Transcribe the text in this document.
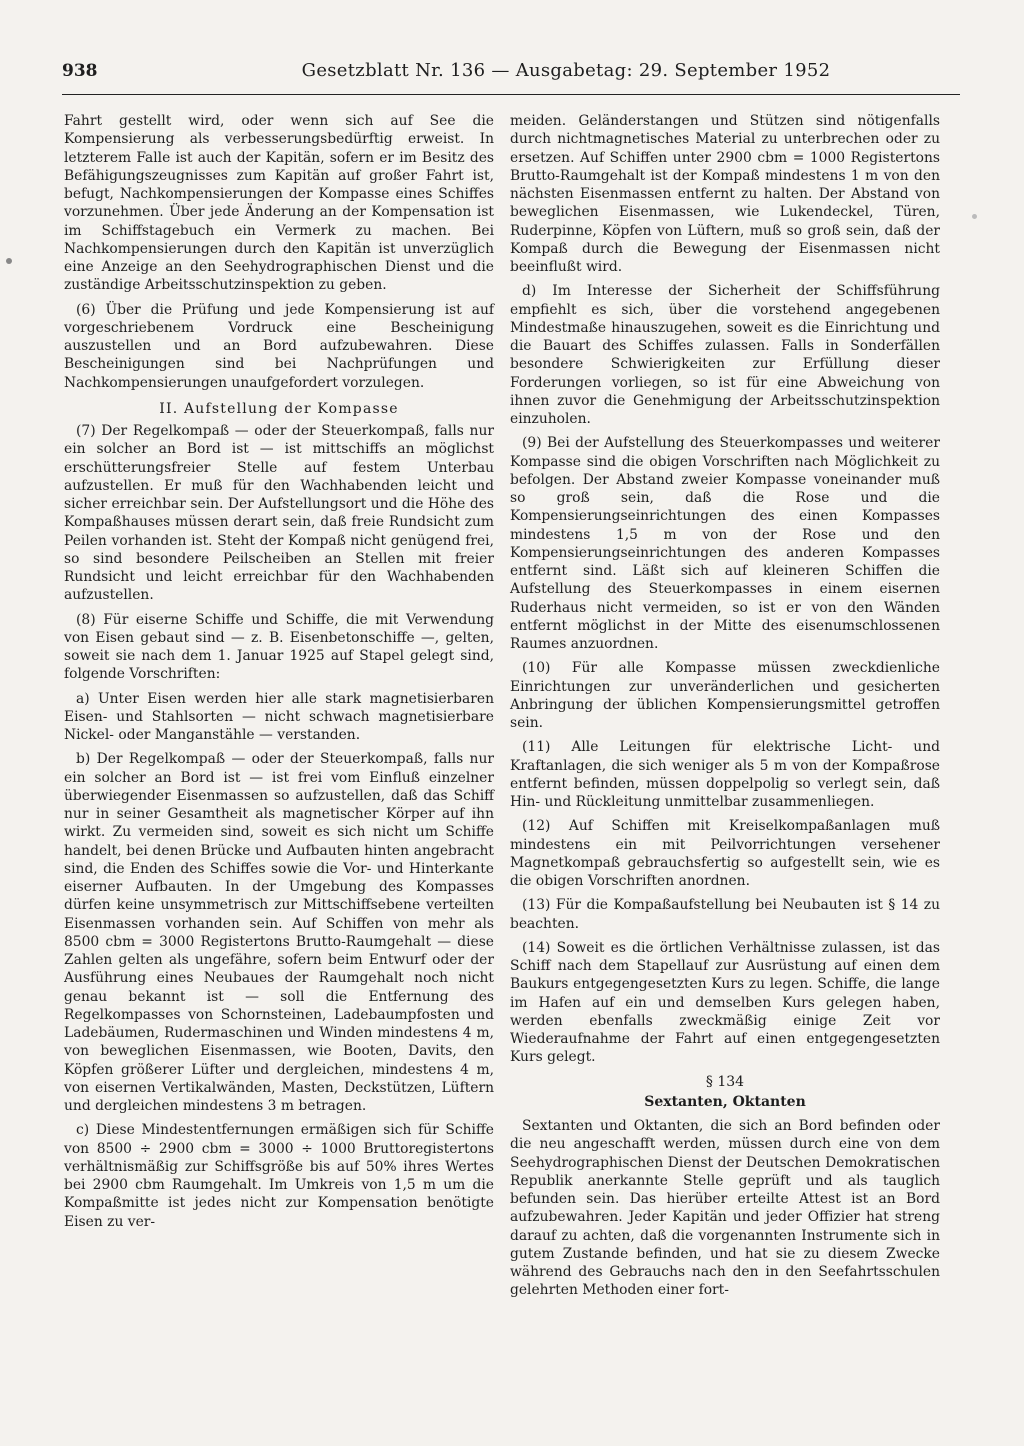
938	Gesetzblatt Nr. 136 — Ausgabetag: 29. September 1952

Fahrt gestellt wird, oder wenn sich auf See die Kompensierung als verbesserungsbedürftig erweist. In letzterem Falle ist auch der Kapitän, sofern er im Besitz des Befähigungszeugnisses zum Kapitän auf großer Fahrt ist, befugt, Nachkompensierungen der Kompasse eines Schiffes vorzunehmen. Über jede Änderung an der Kompensation ist im Schiffstagebuch ein Vermerk zu machen. Bei Nachkompensierungen durch den Kapitän ist unverzüglich eine Anzeige an den Seehydrographischen Dienst und die zuständige Arbeitsschutzinspektion zu geben.

(6) Über die Prüfung und jede Kompensierung ist auf vorgeschriebenem Vordruck eine Bescheinigung auszustellen und an Bord aufzubewahren. Diese Bescheinigungen sind bei Nachprüfungen und Nachkompensierungen unaufgefordert vorzulegen.

II. Aufstellung der Kompasse

(7) Der Regelkompaß — oder der Steuerkompaß, falls nur ein solcher an Bord ist — ist mittschiffs an möglichst erschütterungsfreier Stelle auf festem Unterbau aufzustellen. Er muß für den Wachhabenden leicht und sicher erreichbar sein. Der Aufstellungsort und die Höhe des Kompaßhauses müssen derart sein, daß freie Rundsicht zum Peilen vorhanden ist. Steht der Kompaß nicht genügend frei, so sind besondere Peilscheiben an Stellen mit freier Rundsicht und leicht erreichbar für den Wachhabenden aufzustellen.

(8) Für eiserne Schiffe und Schiffe, die mit Verwendung von Eisen gebaut sind — z. B. Eisenbetonschiffe —, gelten, soweit sie nach dem 1. Januar 1925 auf Stapel gelegt sind, folgende Vorschriften:

a) Unter Eisen werden hier alle stark magnetisierbaren Eisen- und Stahlsorten — nicht schwach magnetisierbare Nickel- oder Manganstähle — verstanden.

b) Der Regelkompaß — oder der Steuerkompaß, falls nur ein solcher an Bord ist — ist frei vom Einfluß einzelner überwiegender Eisenmassen so aufzustellen, daß das Schiff nur in seiner Gesamtheit als magnetischer Körper auf ihn wirkt. Zu vermeiden sind, soweit es sich nicht um Schiffe handelt, bei denen Brücke und Aufbauten hinten angebracht sind, die Enden des Schiffes sowie die Vor- und Hinterkante eiserner Aufbauten. In der Umgebung des Kompasses dürfen keine unsymmetrisch zur Mittschiffsebene verteilten Eisenmassen vorhanden sein. Auf Schiffen von mehr als 8500 cbm = 3000 Registertons Brutto-Raumgehalt — diese Zahlen gelten als ungefähre, sofern beim Entwurf oder der Ausführung eines Neubaues der Raumgehalt noch nicht genau bekannt ist — soll die Entfernung des Regelkompasses von Schornsteinen, Ladebaumpfosten und Ladebäumen, Rudermaschinen und Winden mindestens 4 m, von beweglichen Eisenmassen, wie Booten, Davits, den Köpfen größerer Lüfter und dergleichen, mindestens 4 m, von eisernen Vertikalwänden, Masten, Deckstützen, Lüftern und dergleichen mindestens 3 m betragen.

c) Diese Mindestentfernungen ermäßigen sich für Schiffe von 8500 ÷ 2900 cbm = 3000 ÷ 1000 Bruttoregistertons verhältnismäßig zur Schiffsgröße bis auf 50% ihres Wertes bei 2900 cbm Raumgehalt. Im Umkreis von 1,5 m um die Kompaßmitte ist jedes nicht zur Kompensation benötigte Eisen zu ver-

meiden. Geländerstangen und Stützen sind nötigenfalls durch nichtmagnetisches Material zu unterbrechen oder zu ersetzen. Auf Schiffen unter 2900 cbm = 1000 Registertons Brutto-Raumgehalt ist der Kompaß mindestens 1 m von den nächsten Eisenmassen entfernt zu halten. Der Abstand von beweglichen Eisenmassen, wie Lukendeckel, Türen, Ruderpinne, Köpfen von Lüftern, muß so groß sein, daß der Kompaß durch die Bewegung der Eisenmassen nicht beeinflußt wird.

d) Im Interesse der Sicherheit der Schiffsführung empfiehlt es sich, über die vorstehend angegebenen Mindestmaße hinauszugehen, soweit es die Einrichtung und die Bauart des Schiffes zulassen. Falls in Sonderfällen besondere Schwierigkeiten zur Erfüllung dieser Forderungen vorliegen, so ist für eine Abweichung von ihnen zuvor die Genehmigung der Arbeitsschutzinspektion einzuholen.

(9) Bei der Aufstellung des Steuerkompasses und weiterer Kompasse sind die obigen Vorschriften nach Möglichkeit zu befolgen. Der Abstand zweier Kompasse voneinander muß so groß sein, daß die Rose und die Kompensierungseinrichtungen des einen Kompasses mindestens 1,5 m von der Rose und den Kompensierungseinrichtungen des anderen Kompasses entfernt sind. Läßt sich auf kleineren Schiffen die Aufstellung des Steuerkompasses in einem eisernen Ruderhaus nicht vermeiden, so ist er von den Wänden entfernt möglichst in der Mitte des eisenumschlossenen Raumes anzuordnen.

(10) Für alle Kompasse müssen zweckdienliche Einrichtungen zur unveränderlichen und gesicherten Anbringung der üblichen Kompensierungsmittel getroffen sein.

(11) Alle Leitungen für elektrische Licht- und Kraftanlagen, die sich weniger als 5 m von der Kompaßrose entfernt befinden, müssen doppelpolig so verlegt sein, daß Hin- und Rückleitung unmittelbar zusammenliegen.

(12) Auf Schiffen mit Kreiselkompaßanlagen muß mindestens ein mit Peilvorrichtungen versehener Magnetkompaß gebrauchsfertig so aufgestellt sein, wie es die obigen Vorschriften anordnen.

(13) Für die Kompaßaufstellung bei Neubauten ist § 14 zu beachten.

(14) Soweit es die örtlichen Verhältnisse zulassen, ist das Schiff nach dem Stapellauf zur Ausrüstung auf einen dem Baukurs entgegengesetzten Kurs zu legen. Schiffe, die lange im Hafen auf ein und demselben Kurs gelegen haben, werden ebenfalls zweckmäßig einige Zeit vor Wiederaufnahme der Fahrt auf einen entgegengesetzten Kurs gelegt.

§ 134
Sextanten, Oktanten

Sextanten und Oktanten, die sich an Bord befinden oder die neu angeschafft werden, müssen durch eine von dem Seehydrographischen Dienst der Deutschen Demokratischen Republik anerkannte Stelle geprüft und als tauglich befunden sein. Das hierüber erteilte Attest ist an Bord aufzubewahren. Jeder Kapitän und jeder Offizier hat streng darauf zu achten, daß die vorgenannten Instrumente sich in gutem Zustande befinden, und hat sie zu diesem Zwecke während des Gebrauchs nach den in den Seefahrtsschulen gelehrten Methoden einer fort-
